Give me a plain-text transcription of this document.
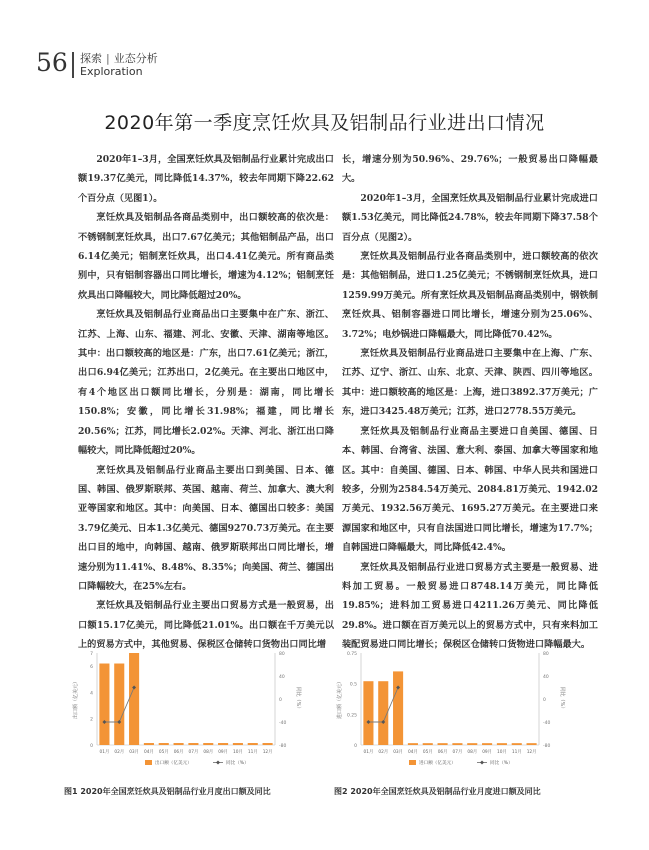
56 探索 | 业态分析
Exploration
2020年第一季度烹饪炊具及铝制品行业进出口情况

2020年1–3月，全国烹饪炊具及铝制品行业累计完成出口额19.37亿美元，同比降低14.37%，较去年同期下降22.62个百分点（见图1）。

烹饪炊具及铝制品各商品类别中，出口额较高的依次是：不锈钢制烹饪炊具，出口7.67亿美元；其他铝制品产品，出口6.14亿美元；铝制烹饪炊具，出口4.41亿美元。所有商品类别中，只有铝制容器出口同比增长，增速为4.12%；铝制烹饪炊具出口降幅较大，同比降低超过20%。

烹饪炊具及铝制品行业商品出口主要集中在广东、浙江、江苏、上海、山东、福建、河北、安徽、天津、湖南等地区。其中：出口额较高的地区是：广东，出口7.61亿美元；浙江，出口6.94亿美元；江苏出口，2亿美元。在主要出口地区中，有4个地区出口额同比增长，分别是：湖南，同比增长150.8%；安徽，同比增长31.98%；福建，同比增长20.56%；江苏，同比增长2.02%。天津、河北、浙江出口降幅较大，同比降低超过20%。

烹饪炊具及铝制品行业商品主要出口到美国、日本、德国、韩国、俄罗斯联邦、英国、越南、荷兰、加拿大、澳大利亚等国家和地区。其中：向美国、日本、德国出口较多：美国3.79亿美元、日本1.3亿美元、德国9270.73万美元。在主要出口目的地中，向韩国、越南、俄罗斯联邦出口同比增长，增速分别为11.41%、8.48%、8.35%；向美国、荷兰、德国出口降幅较大，在25%左右。

烹饪炊具及铝制品行业主要出口贸易方式是一般贸易，出口额15.17亿美元，同比降低21.01%。出口额在千万美元以上的贸易方式中，其他贸易、保税区仓储转口货物出口同比增

长，增速分别为50.96%、29.76%；一般贸易出口降幅最大。

2020年1–3月，全国烹饪炊具及铝制品行业累计完成进口额1.53亿美元，同比降低24.78%，较去年同期下降37.58个百分点（见图2）。

烹饪炊具及铝制品行业各商品类别中，进口额较高的依次是：其他铝制品，进口1.25亿美元；不锈钢制烹饪炊具，进口1259.99万美元。所有烹饪炊具及铝制品商品类别中，钢铁制烹饪炊具、铝制容器进口同比增长，增速分别为25.06%、3.72%；电炒锅进口降幅最大，同比降低70.42%。

烹饪炊具及铝制品行业商品进口主要集中在上海、广东、江苏、辽宁、浙江、山东、北京、天津、陕西、四川等地区。其中：进口额较高的地区是：上海，进口3892.37万美元；广东，进口3425.48万美元；江苏，进口2778.55万美元。

烹饪炊具及铝制品行业商品主要进口自美国、德国、日本、韩国、台湾省、法国、意大利、泰国、加拿大等国家和地区。其中：自美国、德国、日本、韩国、中华人民共和国进口较多，分别为2584.54万美元、2084.81万美元、1942.02万美元、1932.56万美元、1695.27万美元。在主要进口来源国家和地区中，只有自法国进口同比增长，增速为17.7%；自韩国进口降幅最大，同比降低42.4%。

烹饪炊具及铝制品行业进口贸易方式主要是一般贸易、进料加工贸易。一般贸易进口8748.14万美元，同比降低19.85%；进料加工贸易进口4211.26万美元、同比降低29.8%。进口额在百万美元以上的贸易方式中，只有来料加工装配贸易进口同比增长；保税区仓储转口货物进口降幅最大。

0
2
4
6
7
-80
-40
0
40
80
出口额（亿美元）	同比（%）
01月 02月 03月 04月 05月 06月 07月 08月 09月 10月 11月 12月
出口额（亿美元）	同比（%）
0
0.25
0.5
0.75
-80
-40
0
40
80
进口额（亿美元）	同比（%）
01月 02月 03月 04月 05月 06月 07月 08月 09月 10月 11月 12月
进口额（亿美元）	同比（%）
图1 2020年全国烹饪炊具及铝制品行业月度出口额及同比	图2 2020年全国烹饪炊具及铝制品行业月度进口额及同比
